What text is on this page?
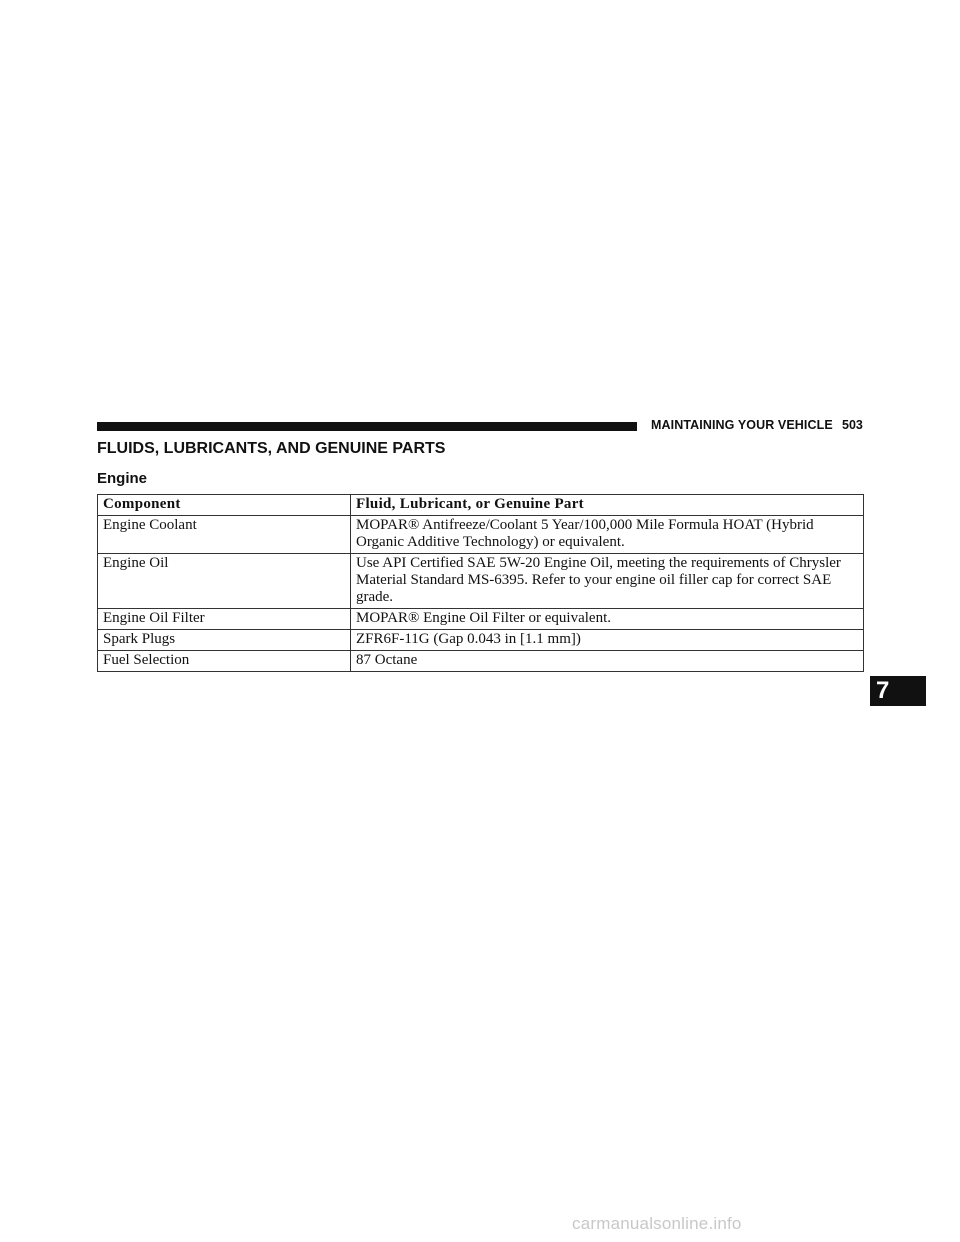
MAINTAINING YOUR VEHICLE 503
FLUIDS, LUBRICANTS, AND GENUINE PARTS
Engine
Component	Fluid, Lubricant, or Genuine Part
Engine Coolant	MOPAR® Antifreeze/Coolant 5 Year/100,000 Mile Formula HOAT (Hybrid Organic Additive Technology) or equivalent.
Engine Oil	Use API Certified SAE 5W-20 Engine Oil, meeting the requirements of Chrysler Material Standard MS-6395. Refer to your engine oil filler cap for correct SAE grade.
Engine Oil Filter	MOPAR® Engine Oil Filter or equivalent.
Spark Plugs	ZFR6F-11G (Gap 0.043 in [1.1 mm])
Fuel Selection	87 Octane
7
carmanualsonline.info
